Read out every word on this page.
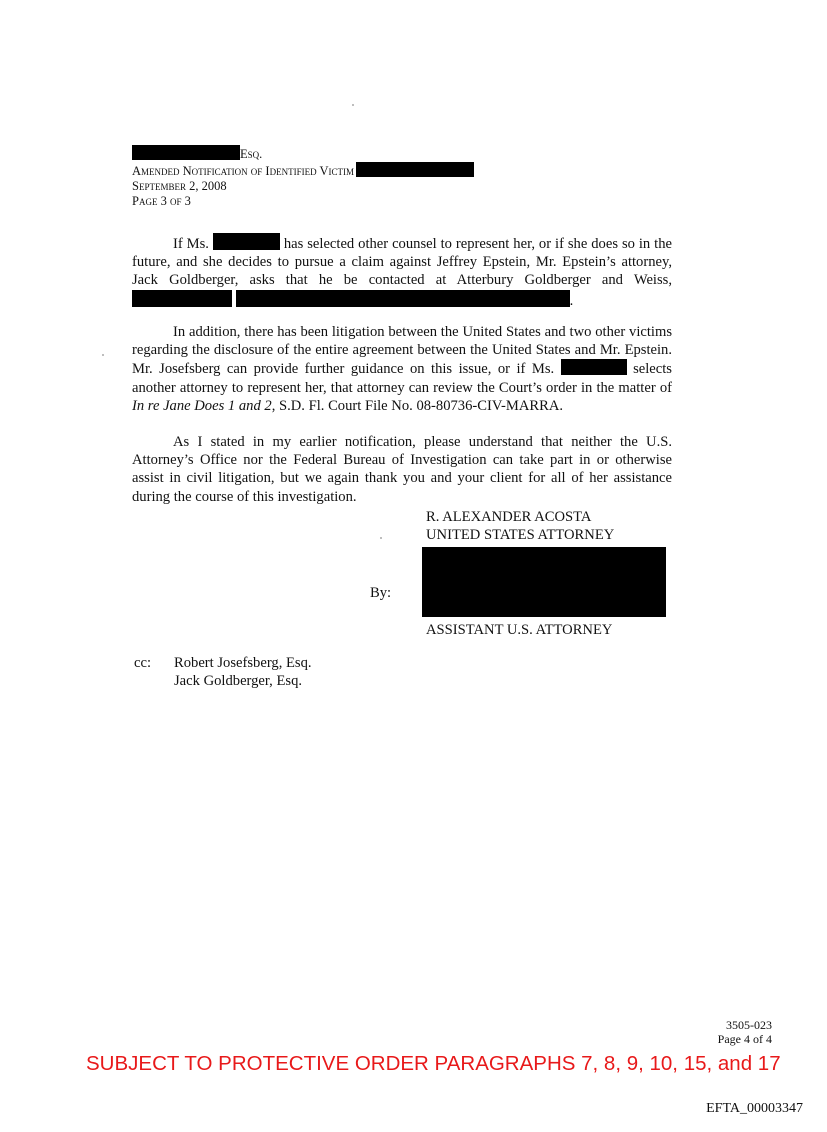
Esq.
Amended Notification of Identified Victim
September 2, 2008
Page 3 of 3

If Ms.	has selected other counsel to represent her, or if she does so in the future, and she decides to pursue a claim against Jeffrey Epstein, Mr. Epstein’s attorney, Jack Goldberger, asks that he be contacted at Atterbury Goldberger and Weiss, .

In addition, there has been litigation between the United States and two other victims regarding the disclosure of the entire agreement between the United States and Mr. Epstein. Mr. Josefsberg can provide further guidance on this issue, or if Ms.	selects another attorney to represent her, that attorney can review the Court’s order in the matter of In re Jane Does 1 and 2, S.D. Fl. Court File No. 08-80736-CIV-MARRA.

As I stated in my earlier notification, please understand that neither the U.S. Attorney’s Office nor the Federal Bureau of Investigation can take part in or otherwise assist in civil litigation, but we again thank you and your client for all of her assistance during the course of this investigation.

R. ALEXANDER ACOSTA
UNITED STATES ATTORNEY
By:
ASSISTANT U.S. ATTORNEY
cc: Robert Josefsberg, Esq.
Jack Goldberger, Esq.
3505-023
Page 4 of 4
SUBJECT TO PROTECTIVE ORDER PARAGRAPHS 7, 8, 9, 10, 15, and 17
EFTA_00003347
